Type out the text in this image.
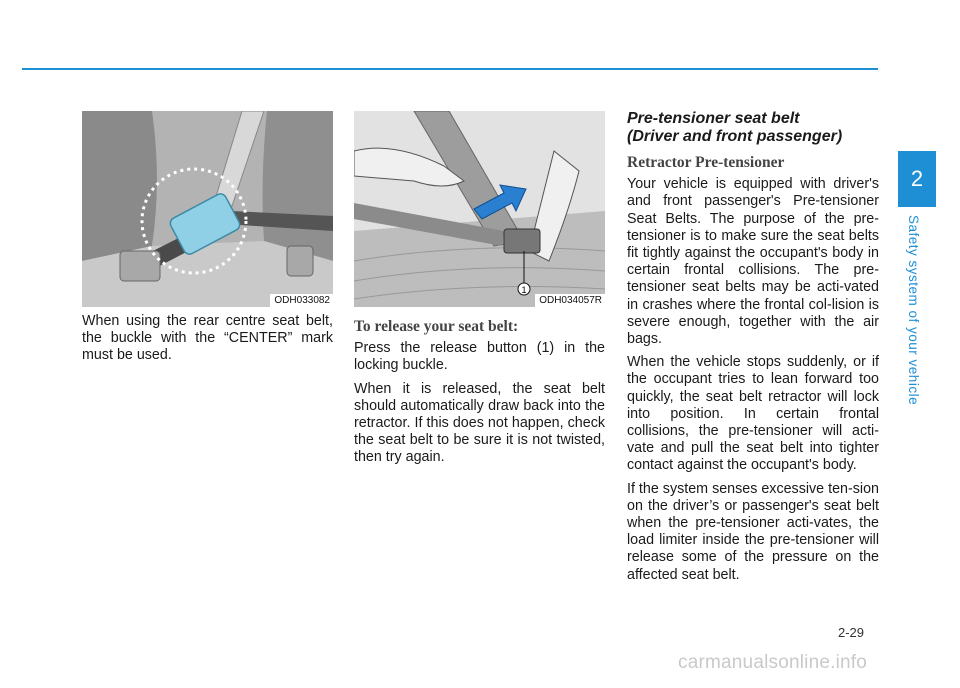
2
Safety system of your vehicle
ODH033082
1
ODH034057R

When using the rear centre seat belt, the buckle with the “CENTER” mark must be used.

To release your seat belt:

Press the release button (1) in the locking buckle.

When it is released, the seat belt should automatically draw back into the retractor. If this does not happen, check the seat belt to be sure it is not twisted, then try again.

Pre-tensioner seat belt
(Driver and front passenger)

Retractor Pre-tensioner

Your vehicle is equipped with driver's and front passenger's Pre-tensioner Seat Belts. The purpose of the pre-tensioner is to make sure the seat belts fit tightly against the occupant's body in certain frontal collisions. The pre-tensioner seat belts may be acti-vated in crashes where the frontal col-lision is severe enough, together with the air bags.

When the vehicle stops suddenly, or if the occupant tries to lean forward too quickly, the seat belt retractor will lock into position. In certain frontal collisions, the pre-tensioner will acti-vate and pull the seat belt into tighter contact against the occupant's body.

If the system senses excessive ten-sion on the driver’s or passenger's seat belt when the pre-tensioner acti-vates, the load limiter inside the pre-tensioner will release some of the pressure on the affected seat belt.

2-29
carmanualsonline.info
